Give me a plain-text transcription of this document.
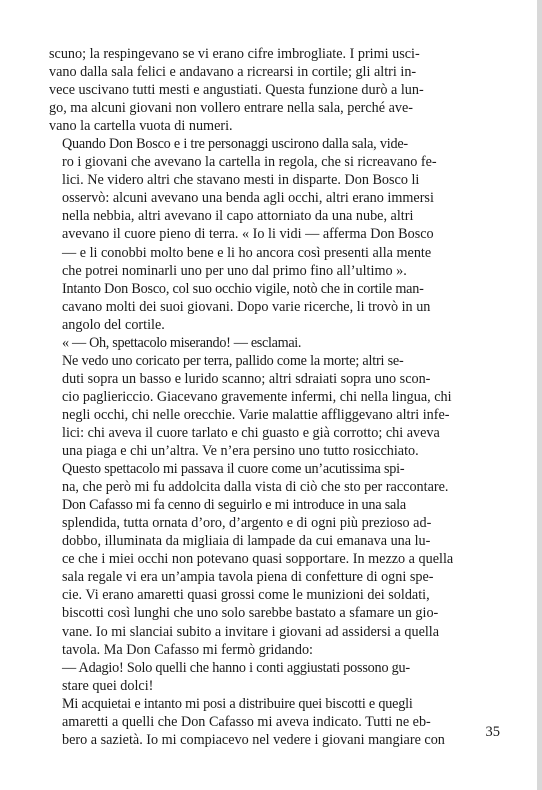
scuno; la respingevano se vi erano cifre imbrogliate. I primi usci-
vano dalla sala felici e andavano a ricrearsi in cortile; gli altri in-
vece uscivano tutti mesti e angustiati. Questa funzione durò a lun-
go, ma alcuni giovani non vollero entrare nella sala, perché ave-
vano la cartella vuota di numeri.

Quando Don Bosco e i tre personaggi uscirono dalla sala, vide-
ro i giovani che avevano la cartella in regola, che si ricreavano fe-
lici. Ne videro altri che stavano mesti in disparte. Don Bosco li
osservò: alcuni avevano una benda agli occhi, altri erano immersi
nella nebbia, altri avevano il capo attorniato da una nube, altri
avevano il cuore pieno di terra. « Io li vidi — afferma Don Bosco
— e li conobbi molto bene e li ho ancora così presenti alla mente
che potrei nominarli uno per uno dal primo fino all’ultimo ».

Intanto Don Bosco, col suo occhio vigile, notò che in cortile man-
cavano molti dei suoi giovani. Dopo varie ricerche, li trovò in un
angolo del cortile.

« — Oh, spettacolo miserando! — esclamai.

Ne vedo uno coricato per terra, pallido come la morte; altri se-
duti sopra un basso e lurido scanno; altri sdraiati sopra uno scon-
cio pagliericcio. Giacevano gravemente infermi, chi nella lingua, chi
negli occhi, chi nelle orecchie. Varie malattie affliggevano altri infe-
lici: chi aveva il cuore tarlato e chi guasto e già corrotto; chi aveva
una piaga e chi un’altra. Ve n’era persino uno tutto rosicchiato.

Questo spettacolo mi passava il cuore come un’acutissima spi-
na, che però mi fu addolcita dalla vista di ciò che sto per raccontare.

Don Cafasso mi fa cenno di seguirlo e mi introduce in una sala
splendida, tutta ornata d’oro, d’argento e di ogni più prezioso ad-
dobbo, illuminata da migliaia di lampade da cui emanava una lu-
ce che i miei occhi non potevano quasi sopportare. In mezzo a quella
sala regale vi era un’ampia tavola piena di confetture di ogni spe-
cie. Vi erano amaretti quasi grossi come le munizioni dei soldati,
biscotti così lunghi che uno solo sarebbe bastato a sfamare un gio-
vane. Io mi slanciai subito a invitare i giovani ad assidersi a quella
tavola. Ma Don Cafasso mi fermò gridando:

— Adagio! Solo quelli che hanno i conti aggiustati possono gu-
stare quei dolci!

Mi acquietai e intanto mi posi a distribuire quei biscotti e quegli
amaretti a quelli che Don Cafasso mi aveva indicato. Tutti ne eb-
bero a sazietà. Io mi compiacevo nel vedere i giovani mangiare con	35
